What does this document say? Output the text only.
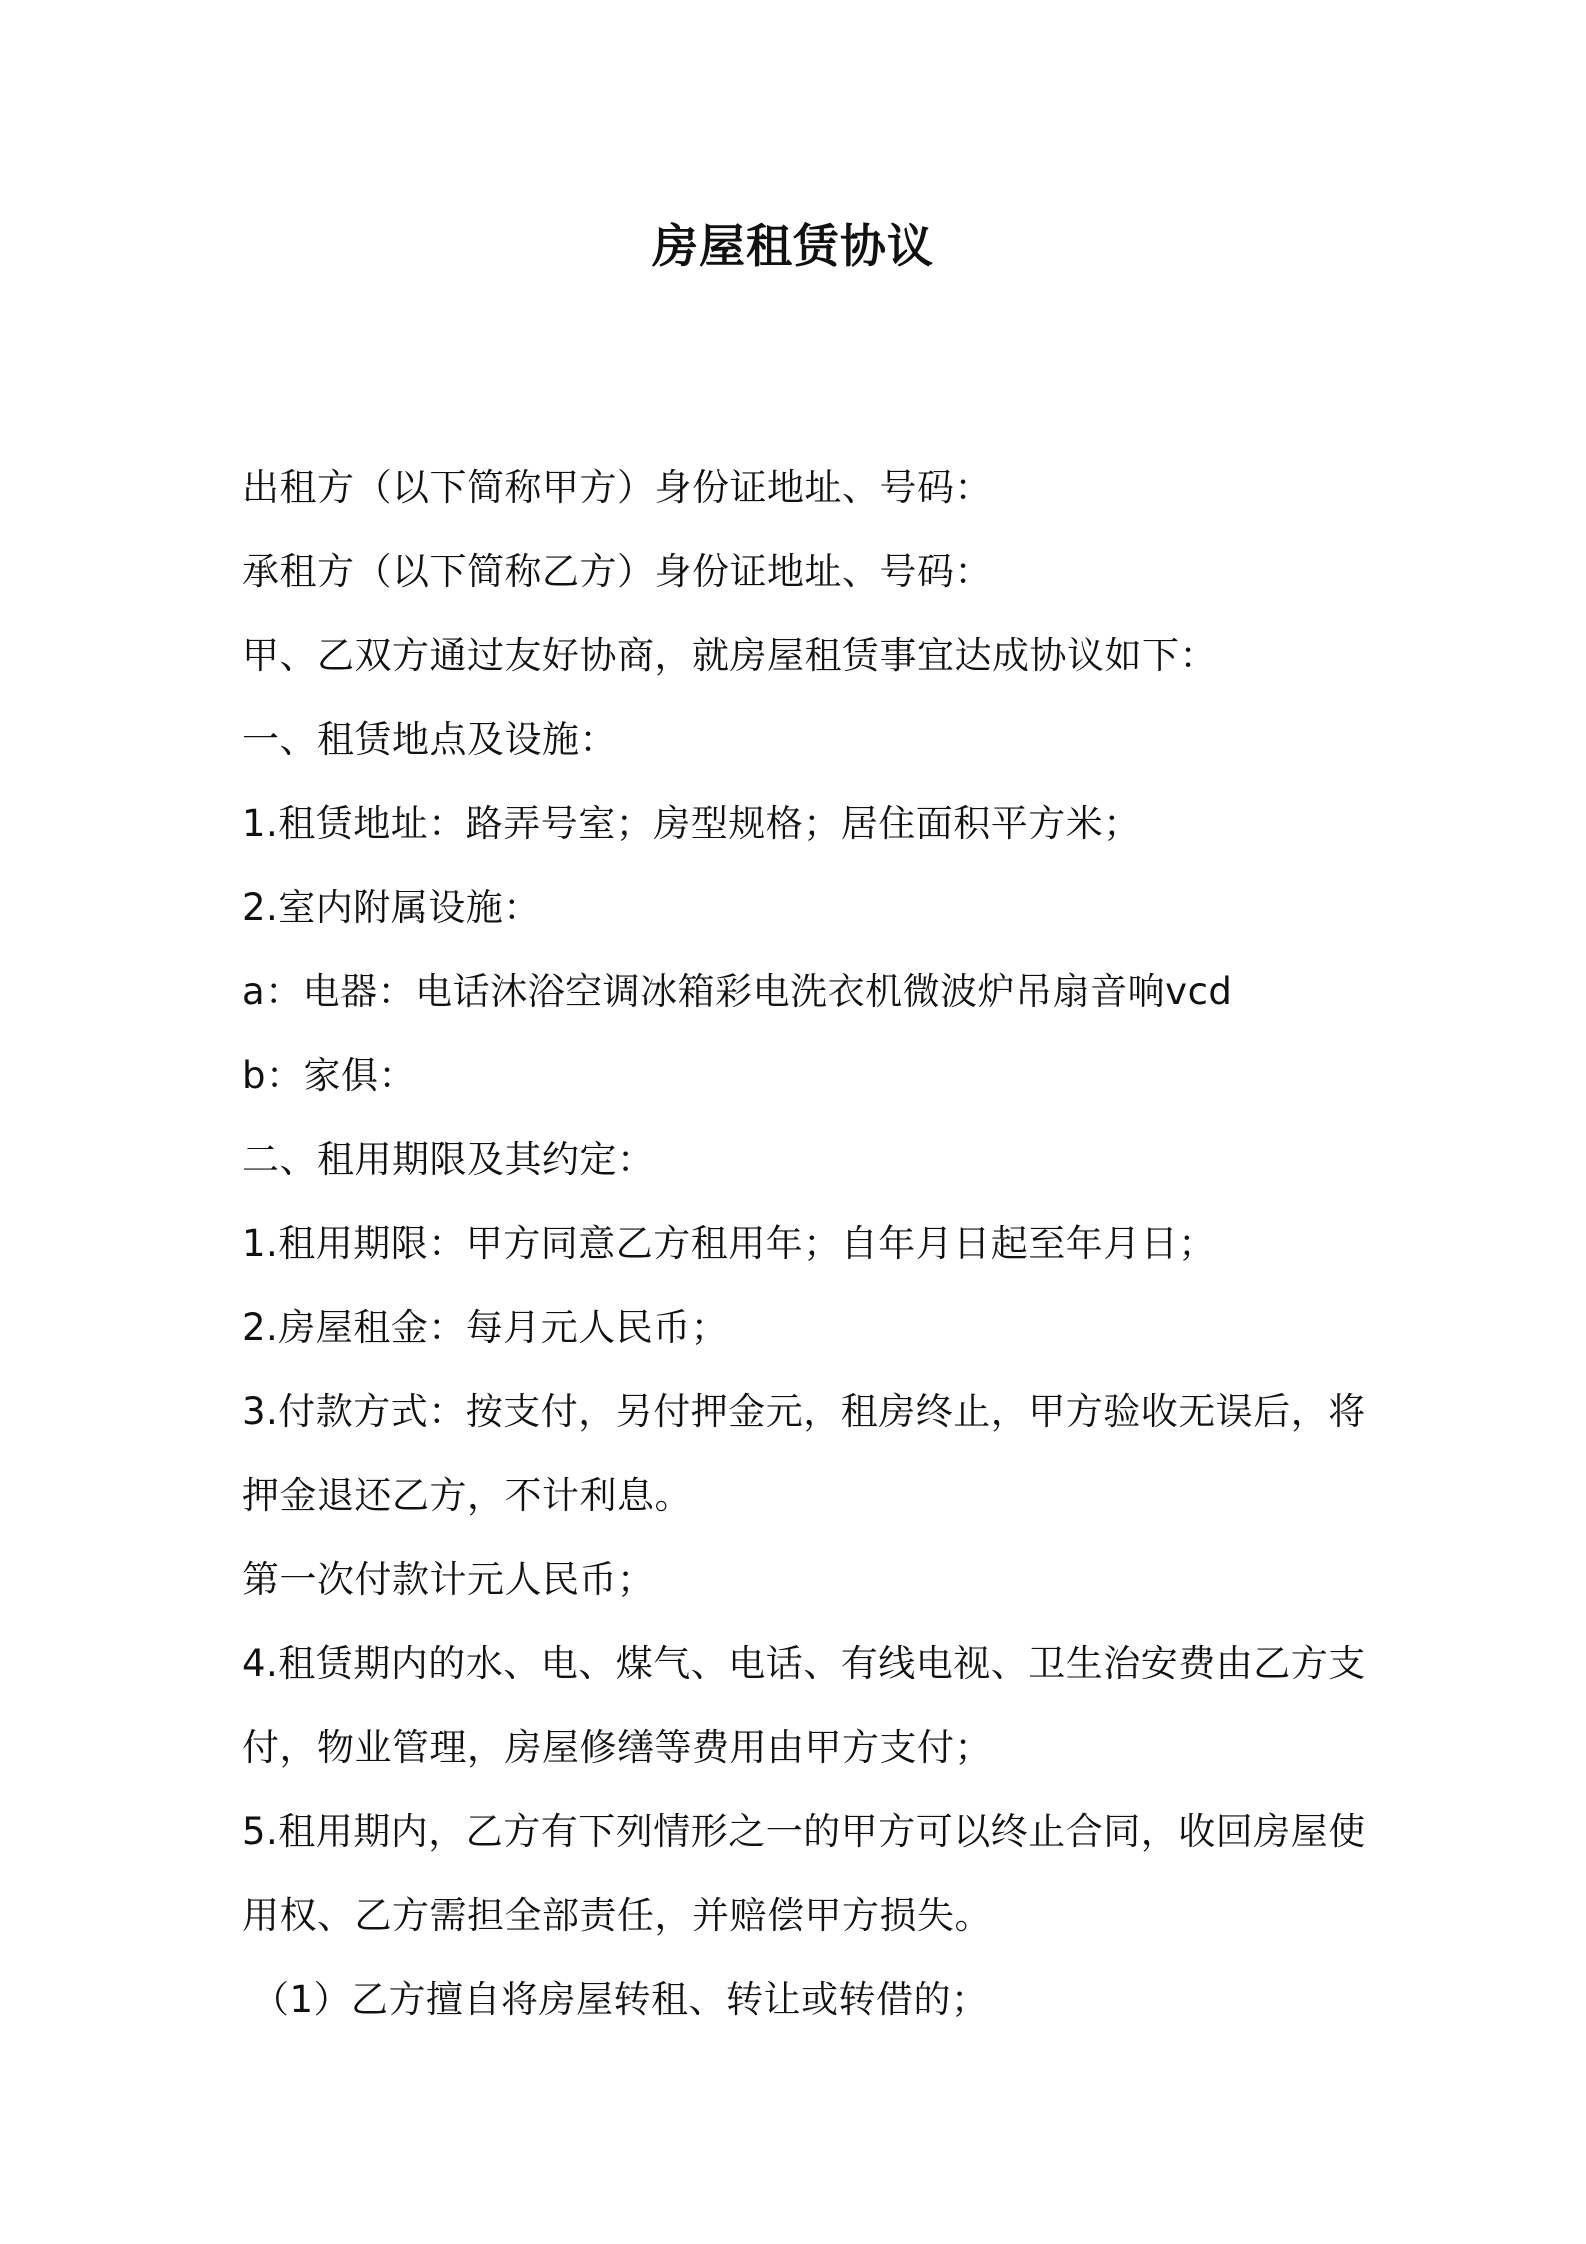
房屋租赁协议
出租方（以下简称甲方）身份证地址、号码：
承租方（以下简称乙方）身份证地址、号码：
甲、乙双方通过友好协商，就房屋租赁事宜达成协议如下：
一、租赁地点及设施：
1.租赁地址：路弄号室；房型规格；居住面积平方米；
2.室内附属设施：
a：电器：电话沐浴空调冰箱彩电洗衣机微波炉吊扇音响vcd
b：家俱：
二、租用期限及其约定：
1.租用期限：甲方同意乙方租用年；自年月日起至年月日；
2.房屋租金：每月元人民币；
3.付款方式：按支付，另付押金元，租房终止，甲方验收无误后，将
押金退还乙方，不计利息。
第一次付款计元人民币；
4.租赁期内的水、电、煤气、电话、有线电视、卫生治安费由乙方支
付，物业管理，房屋修缮等费用由甲方支付；
5.租用期内，乙方有下列情形之一的甲方可以终止合同，收回房屋使
用权、乙方需担全部责任，并赔偿甲方损失。
（1）乙方擅自将房屋转租、转让或转借的；
